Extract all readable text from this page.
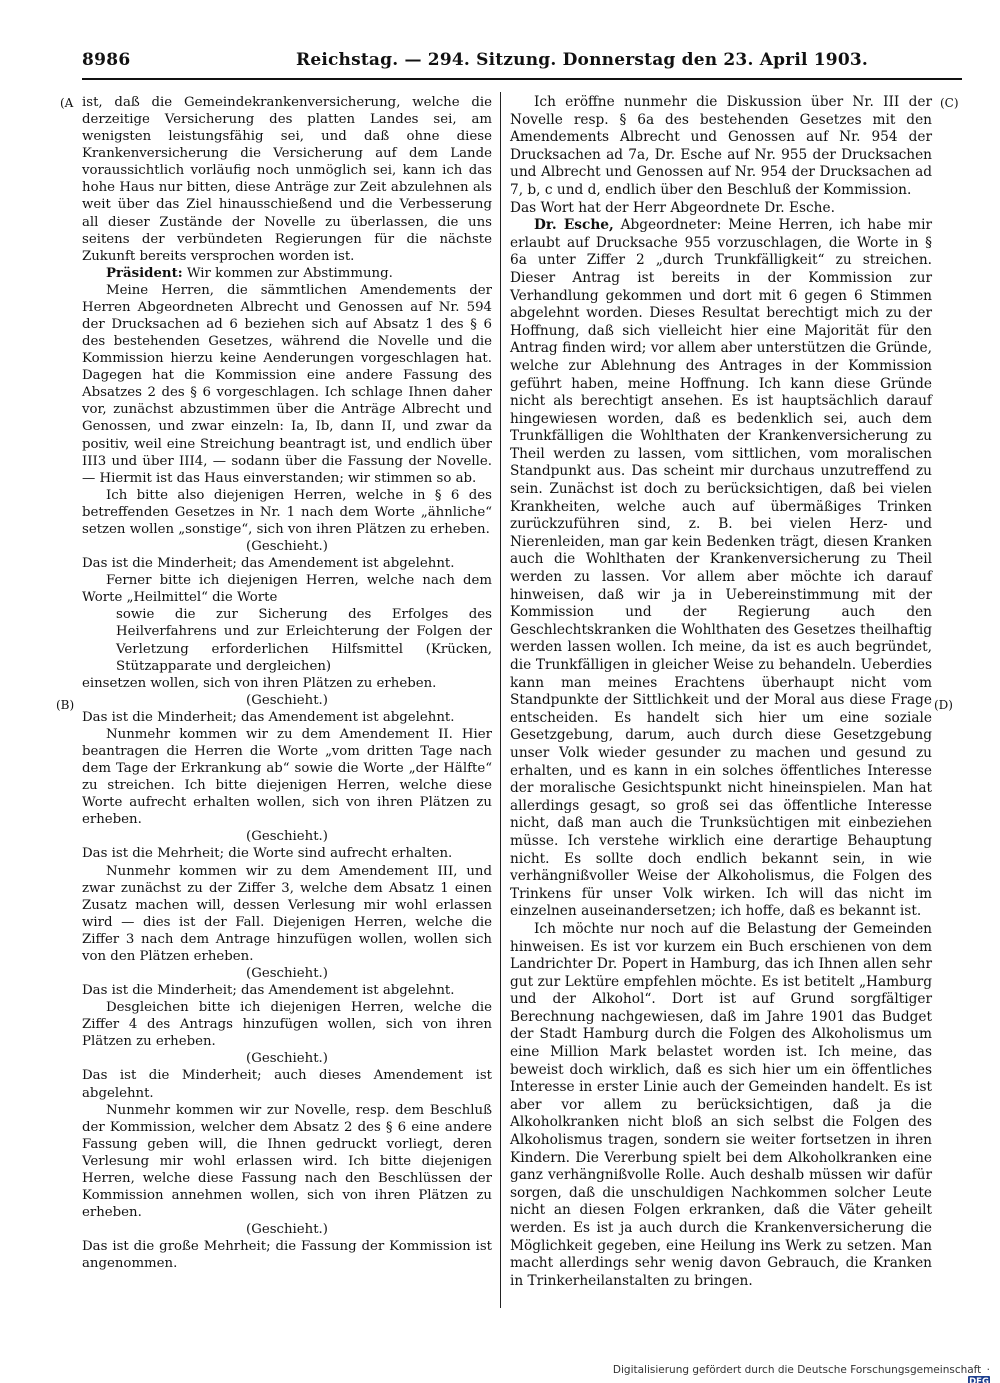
8986	Reichstag. — 294. Sitzung. Donnerstag den 23. April 1903.
(A
(B)
(C)
(D)

ist, daß die Gemeindekrankenversicherung, welche die derzeitige Versicherung des platten Landes sei, am wenigsten leistungsfähig sei, und daß ohne diese Krankenversicherung die Versicherung auf dem Lande voraussichtlich vorläufig noch unmöglich sei, kann ich das hohe Haus nur bitten, diese Anträge zur Zeit abzulehnen als weit über das Ziel hinausschießend und die Verbesserung all dieser Zustände der Novelle zu überlassen, die uns seitens der verbündeten Regierungen für die nächste Zukunft bereits versprochen worden ist.

Präsident: Wir kommen zur Abstimmung.

Meine Herren, die sämmtlichen Amendements der Herren Abgeordneten Albrecht und Genossen auf Nr. 594 der Drucksachen ad 6 beziehen sich auf Absatz 1 des § 6 des bestehenden Gesetzes, während die Novelle und die Kommission hierzu keine Aenderungen vorgeschlagen hat. Dagegen hat die Kommission eine andere Fassung des Absatzes 2 des § 6 vorgeschlagen. Ich schlage Ihnen daher vor, zunächst abzustimmen über die Anträge Albrecht und Genossen, und zwar einzeln: Ia, Ib, dann II, und zwar da positiv, weil eine Streichung beantragt ist, und endlich über III3 und über III4, — sodann über die Fassung der Novelle. — Hiermit ist das Haus einverstanden; wir stimmen so ab.

Ich bitte also diejenigen Herren, welche in § 6 des betreffenden Gesetzes in Nr. 1 nach dem Worte „ähnliche“ setzen wollen „sonstige“, sich von ihren Plätzen zu erheben.

(Geschieht.)

Das ist die Minderheit; das Amendement ist abgelehnt.

Ferner bitte ich diejenigen Herren, welche nach dem Worte „Heilmittel“ die Worte

sowie die zur Sicherung des Erfolges des Heilverfahrens und zur Erleichterung der Folgen der Verletzung erforderlichen Hilfsmittel (Krücken, Stützapparate und dergleichen)

einsetzen wollen, sich von ihren Plätzen zu erheben.

(Geschieht.)

Das ist die Minderheit; das Amendement ist abgelehnt.

Nunmehr kommen wir zu dem Amendement II. Hier beantragen die Herren die Worte „vom dritten Tage nach dem Tage der Erkrankung ab“ sowie die Worte „der Hälfte“ zu streichen. Ich bitte diejenigen Herren, welche diese Worte aufrecht erhalten wollen, sich von ihren Plätzen zu erheben.

(Geschieht.)

Das ist die Mehrheit; die Worte sind aufrecht erhalten.

Nunmehr kommen wir zu dem Amendement III, und zwar zunächst zu der Ziffer 3, welche dem Absatz 1 einen Zusatz machen will, dessen Verlesung mir wohl erlassen wird — dies ist der Fall. Diejenigen Herren, welche die Ziffer 3 nach dem Antrage hinzufügen wollen, wollen sich von den Plätzen erheben.

(Geschieht.)

Das ist die Minderheit; das Amendement ist abgelehnt.

Desgleichen bitte ich diejenigen Herren, welche die Ziffer 4 des Antrags hinzufügen wollen, sich von ihren Plätzen zu erheben.

(Geschieht.)

Das ist die Minderheit; auch dieses Amendement ist abgelehnt.

Nunmehr kommen wir zur Novelle, resp. dem Beschluß der Kommission, welcher dem Absatz 2 des § 6 eine andere Fassung geben will, die Ihnen gedruckt vorliegt, deren Verlesung mir wohl erlassen wird. Ich bitte diejenigen Herren, welche diese Fassung nach den Beschlüssen der Kommission annehmen wollen, sich von ihren Plätzen zu erheben.

(Geschieht.)

Das ist die große Mehrheit; die Fassung der Kommission ist angenommen.

Ich eröffne nunmehr die Diskussion über Nr. III der Novelle resp. § 6a des bestehenden Gesetzes mit den Amendements Albrecht und Genossen auf Nr. 954 der Drucksachen ad 7a, Dr. Esche auf Nr. 955 der Drucksachen und Albrecht und Genossen auf Nr. 954 der Drucksachen ad 7, b, c und d, endlich über den Beschluß der Kommission.

Das Wort hat der Herr Abgeordnete Dr. Esche.

Dr. Esche, Abgeordneter: Meine Herren, ich habe mir erlaubt auf Drucksache 955 vorzuschlagen, die Worte in § 6a unter Ziffer 2 „durch Trunkfälligkeit“ zu streichen. Dieser Antrag ist bereits in der Kommission zur Verhandlung gekommen und dort mit 6 gegen 6 Stimmen abgelehnt worden. Dieses Resultat berechtigt mich zu der Hoffnung, daß sich vielleicht hier eine Majorität für den Antrag finden wird; vor allem aber unterstützen die Gründe, welche zur Ablehnung des Antrages in der Kommission geführt haben, meine Hoffnung. Ich kann diese Gründe nicht als berechtigt ansehen. Es ist hauptsächlich darauf hingewiesen worden, daß es bedenklich sei, auch dem Trunkfälligen die Wohlthaten der Krankenversicherung zu Theil werden zu lassen, vom sittlichen, vom moralischen Standpunkt aus. Das scheint mir durchaus unzutreffend zu sein. Zunächst ist doch zu berücksichtigen, daß bei vielen Krankheiten, welche auch auf übermäßiges Trinken zurückzuführen sind, z. B. bei vielen Herz- und Nierenleiden, man gar kein Bedenken trägt, diesen Kranken auch die Wohlthaten der Krankenversicherung zu Theil werden zu lassen. Vor allem aber möchte ich darauf hinweisen, daß wir ja in Uebereinstimmung mit der Kommission und der Regierung auch den Geschlechtskranken die Wohlthaten des Gesetzes theilhaftig werden lassen wollen. Ich meine, da ist es auch begründet, die Trunkfälligen in gleicher Weise zu behandeln. Ueberdies kann man meines Erachtens überhaupt nicht vom Standpunkte der Sittlichkeit und der Moral aus diese Frage entscheiden. Es handelt sich hier um eine soziale Gesetzgebung, darum, auch durch diese Gesetzgebung unser Volk wieder gesunder zu machen und gesund zu erhalten, und es kann in ein solches öffentliches Interesse der moralische Gesichtspunkt nicht hineinspielen. Man hat allerdings gesagt, so groß sei das öffentliche Interesse nicht, daß man auch die Trunksüchtigen mit einbeziehen müsse. Ich verstehe wirklich eine derartige Behauptung nicht. Es sollte doch endlich bekannt sein, in wie verhängnißvoller Weise der Alkoholismus, die Folgen des Trinkens für unser Volk wirken. Ich will das nicht im einzelnen auseinandersetzen; ich hoffe, daß es bekannt ist.

Ich möchte nur noch auf die Belastung der Gemeinden hinweisen. Es ist vor kurzem ein Buch erschienen von dem Landrichter Dr. Popert in Hamburg, das ich Ihnen allen sehr gut zur Lektüre empfehlen möchte. Es ist betitelt „Hamburg und der Alkohol“. Dort ist auf Grund sorgfältiger Berechnung nachgewiesen, daß im Jahre 1901 das Budget der Stadt Hamburg durch die Folgen des Alkoholismus um eine Million Mark belastet worden ist. Ich meine, das beweist doch wirklich, daß es sich hier um ein öffentliches Interesse in erster Linie auch der Gemeinden handelt. Es ist aber vor allem zu berücksichtigen, daß ja die Alkoholkranken nicht bloß an sich selbst die Folgen des Alkoholismus tragen, sondern sie weiter fortsetzen in ihren Kindern. Die Vererbung spielt bei dem Alkoholkranken eine ganz verhängnißvolle Rolle. Auch deshalb müssen wir dafür sorgen, daß die unschuldigen Nachkommen solcher Leute nicht an diesen Folgen erkranken, daß die Väter geheilt werden. Es ist ja auch durch die Krankenversicherung die Möglichkeit gegeben, eine Heilung ins Werk zu setzen. Man macht allerdings sehr wenig davon Gebrauch, die Kranken in Trinkerheilanstalten zu bringen.

Digitalisierung gefördert durch die Deutsche Forschungsgemeinschaft · DFG
